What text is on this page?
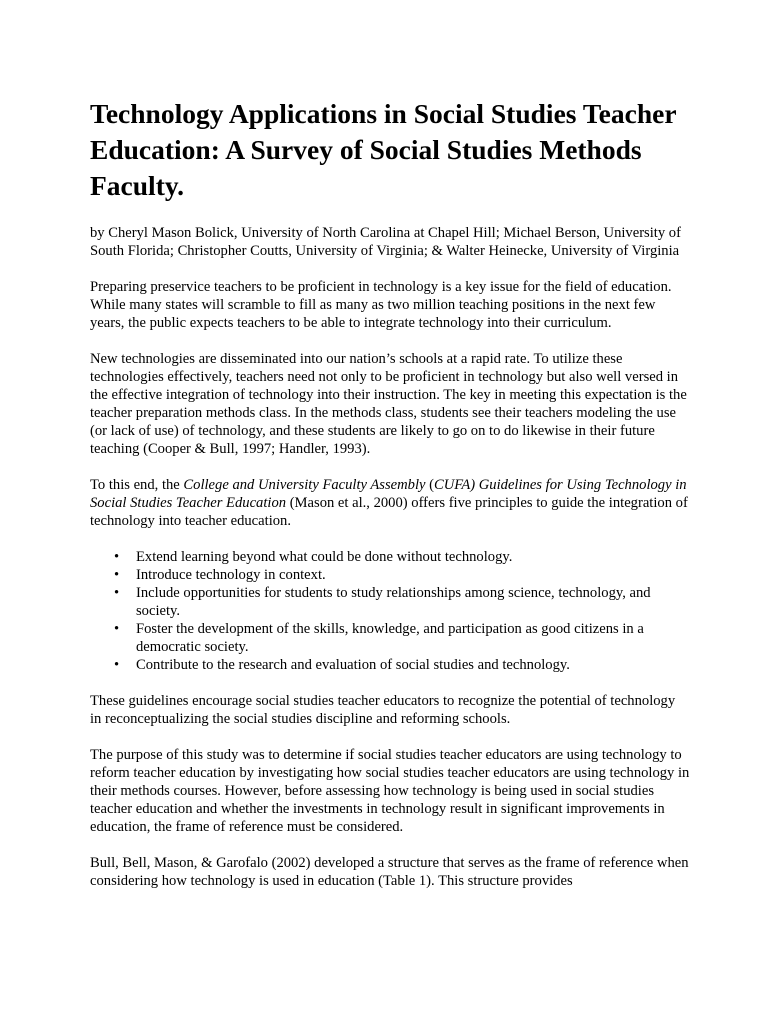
Technology Applications in Social Studies Teacher Education: A Survey of Social Studies Methods Faculty.

by Cheryl Mason Bolick, University of North Carolina at Chapel Hill; Michael Berson, University of South Florida; Christopher Coutts, University of Virginia; & Walter Heinecke, University of Virginia

Preparing preservice teachers to be proficient in technology is a key issue for the field of education. While many states will scramble to fill as many as two million teaching positions in the next few years, the public expects teachers to be able to integrate technology into their curriculum.

New technologies are disseminated into our nation’s schools at a rapid rate. To utilize these technologies effectively, teachers need not only to be proficient in technology but also well versed in the effective integration of technology into their instruction. The key in meeting this expectation is the teacher preparation methods class. In the methods class, students see their teachers modeling the use (or lack of use) of technology, and these students are likely to go on to do likewise in their future teaching (Cooper & Bull, 1997; Handler, 1993).

To this end, the College and University Faculty Assembly (CUFA) Guidelines for Using Technology in Social Studies Teacher Education (Mason et al., 2000) offers five principles to guide the integration of technology into teacher education.

• Extend learning beyond what could be done without technology.
• Introduce technology in context.
• Include opportunities for students to study relationships among science, technology, and society.
• Foster the development of the skills, knowledge, and participation as good citizens in a democratic society.
• Contribute to the research and evaluation of social studies and technology.

These guidelines encourage social studies teacher educators to recognize the potential of technology in reconceptualizing the social studies discipline and reforming schools.

The purpose of this study was to determine if social studies teacher educators are using technology to reform teacher education by investigating how social studies teacher educators are using technology in their methods courses. However, before assessing how technology is being used in social studies teacher education and whether the investments in technology result in significant improvements in education, the frame of reference must be considered.

Bull, Bell, Mason, & Garofalo (2002) developed a structure that serves as the frame of reference when considering how technology is used in education (Table 1). This structure provides
